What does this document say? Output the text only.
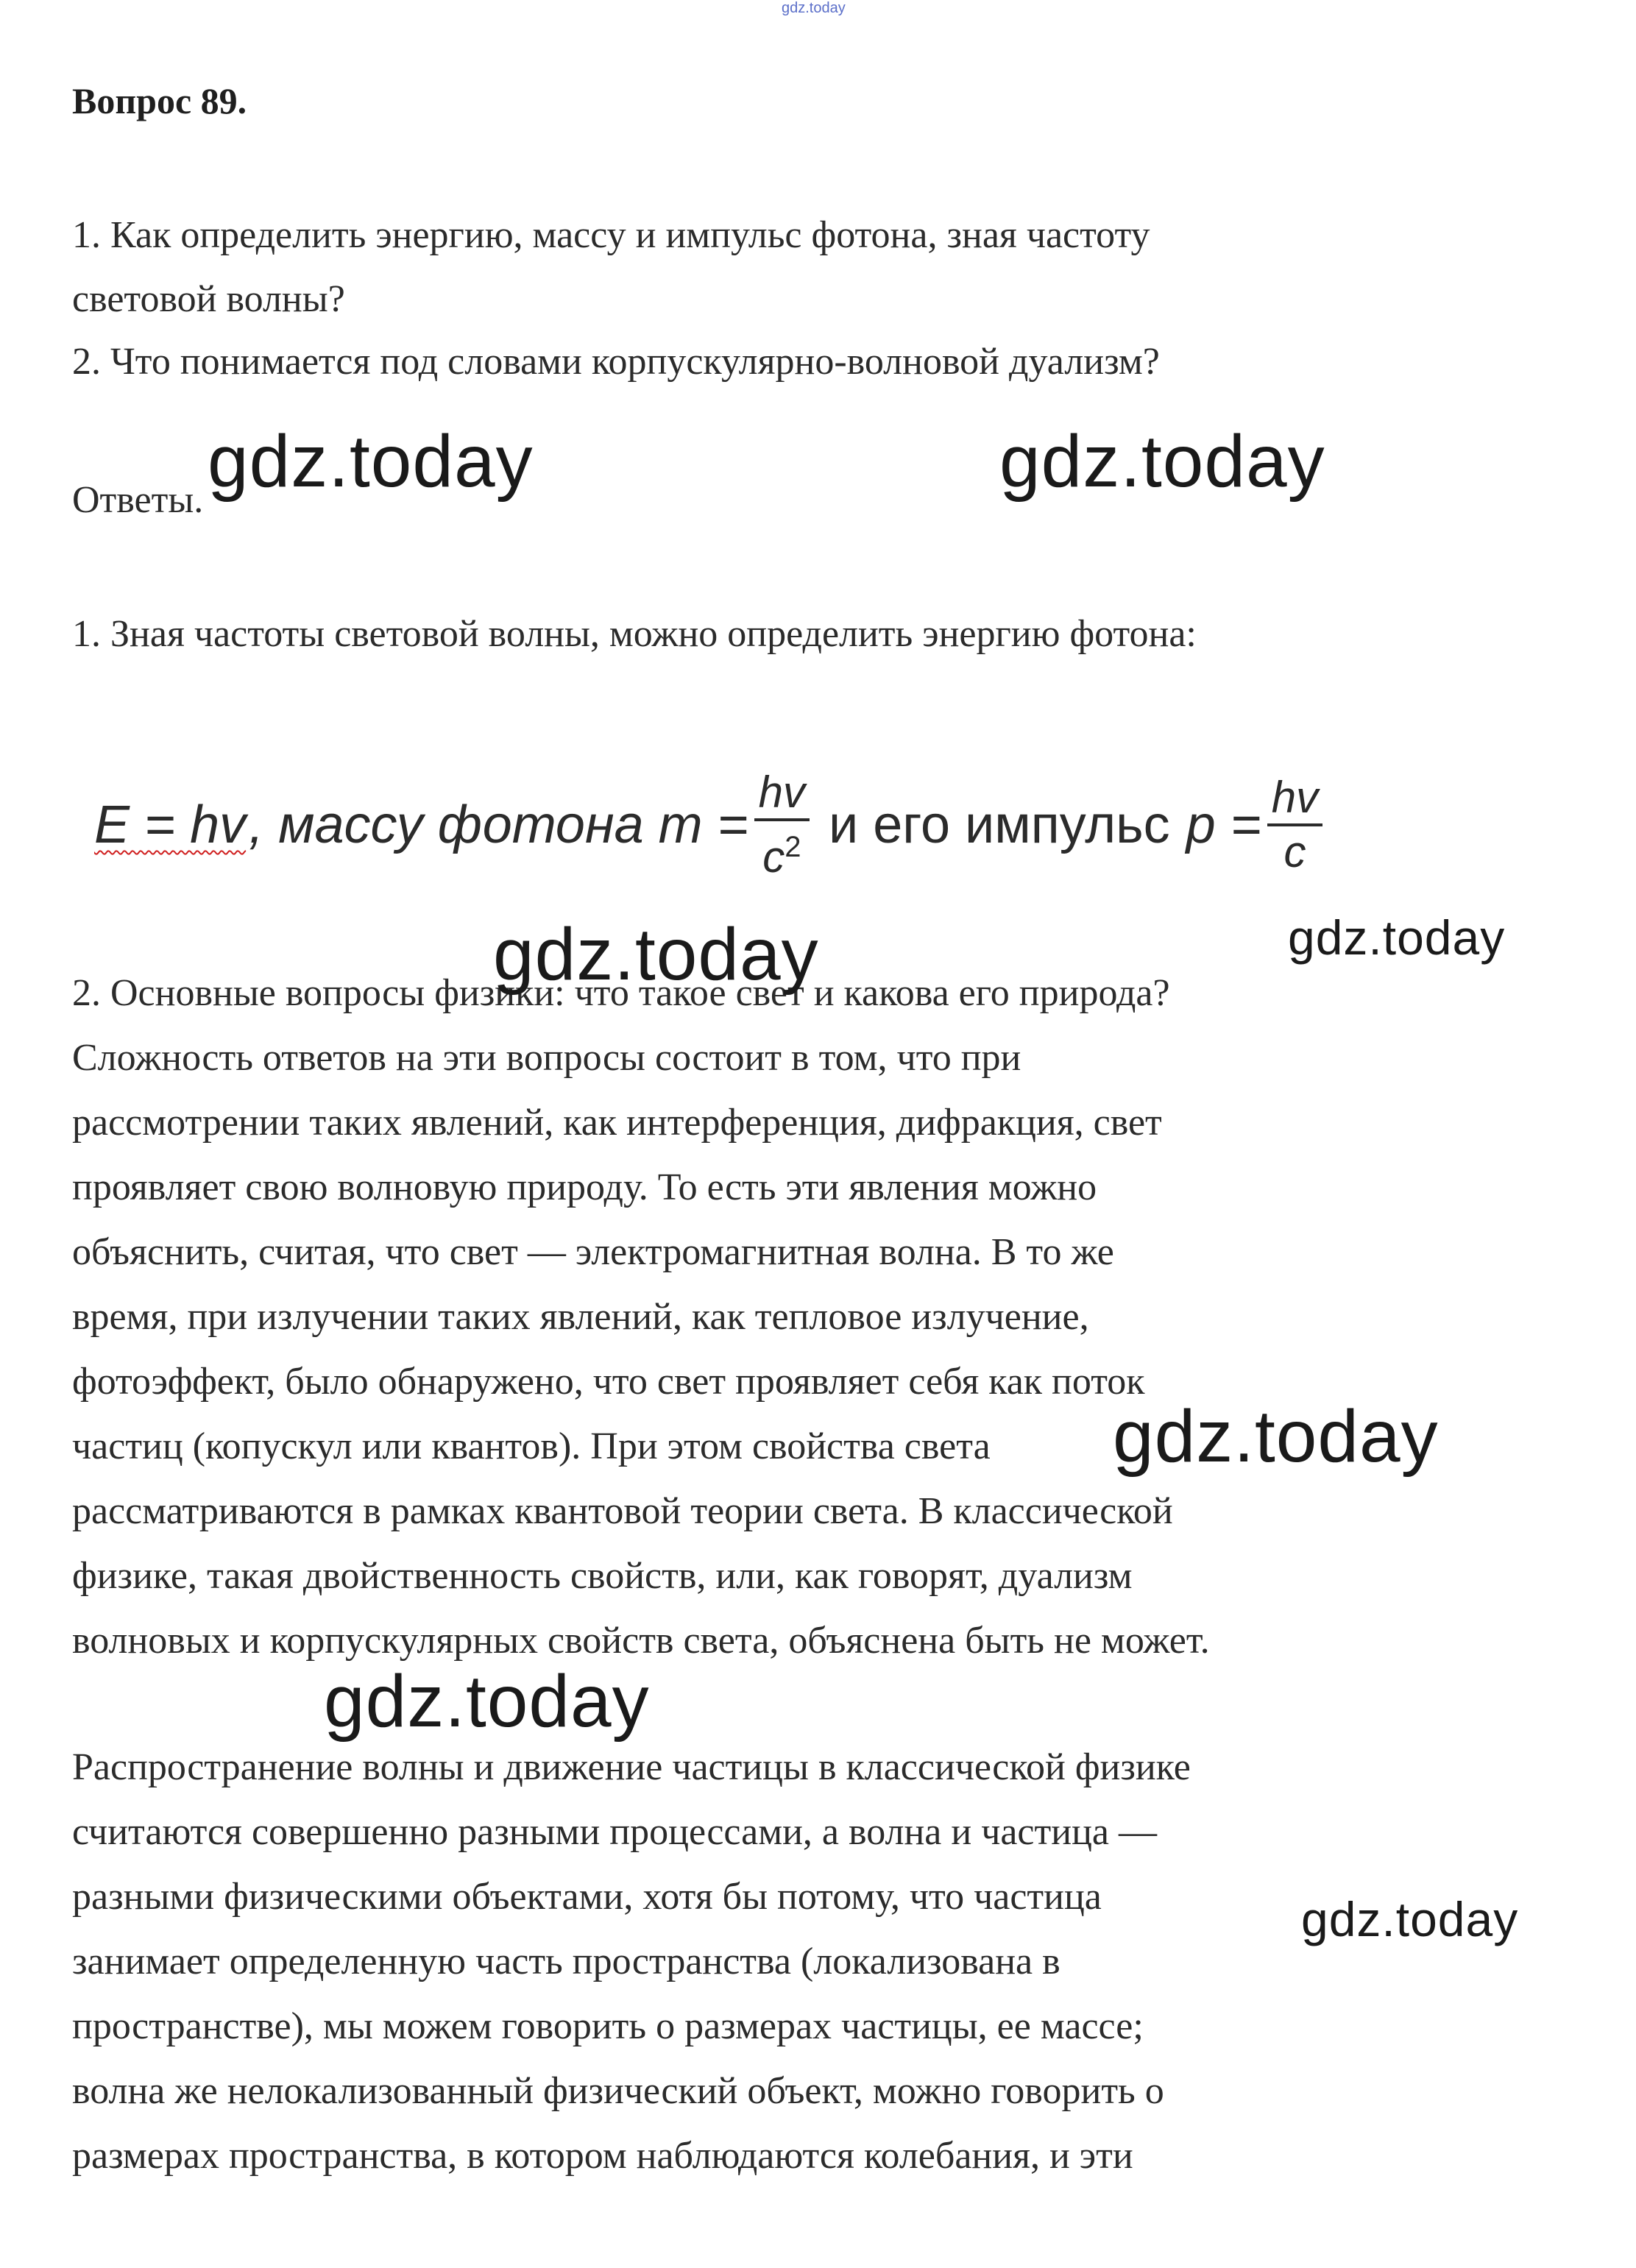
gdz.today
Вопрос 89.
1. Как определить энергию, массу и импульс фотона, зная частоту
световой волны?
2. Что понимается под словами корпускулярно-волновой дуализм?
Ответы.
1. Зная частоты световой волны, можно определить энергию фотона:
E = hv , массу фотона $m = \frac{hv}{c^2}$ и его импульс $p = \frac{hv}{c}$
2. Основные вопросы физики: что такое свет и какова его природа?
Сложность ответов на эти вопросы состоит в том, что при
рассмотрении таких явлений, как интерференция, дифракция, свет
проявляет свою волновую природу. То есть эти явления можно
объяснить, считая, что свет — электромагнитная волна. В то же
время, при излучении таких явлений, как тепловое излучение,
фотоэффект, было обнаружено, что свет проявляет себя как поток
частиц (копускул или квантов). При этом свойства света
рассматриваются в рамках квантовой теории света. В классической
физике, такая двойственность свойств, или, как говорят, дуализм
волновых и корпускулярных свойств света, объяснена быть не может.
Распространение волны и движение частицы в классической физике
считаются совершенно разными процессами, а волна и частица —
разными физическими объектами, хотя бы потому, что частица
занимает определенную часть пространства (локализована в
пространстве), мы можем говорить о размерах частицы, ее массе;
волна же нелокализованный физический объект, можно говорить о
размерах пространства, в котором наблюдаются колебания, и эти
gdz.today	gdz.today
gdz.today	gdz.today
gdz.today
gdz.today
gdz.today
